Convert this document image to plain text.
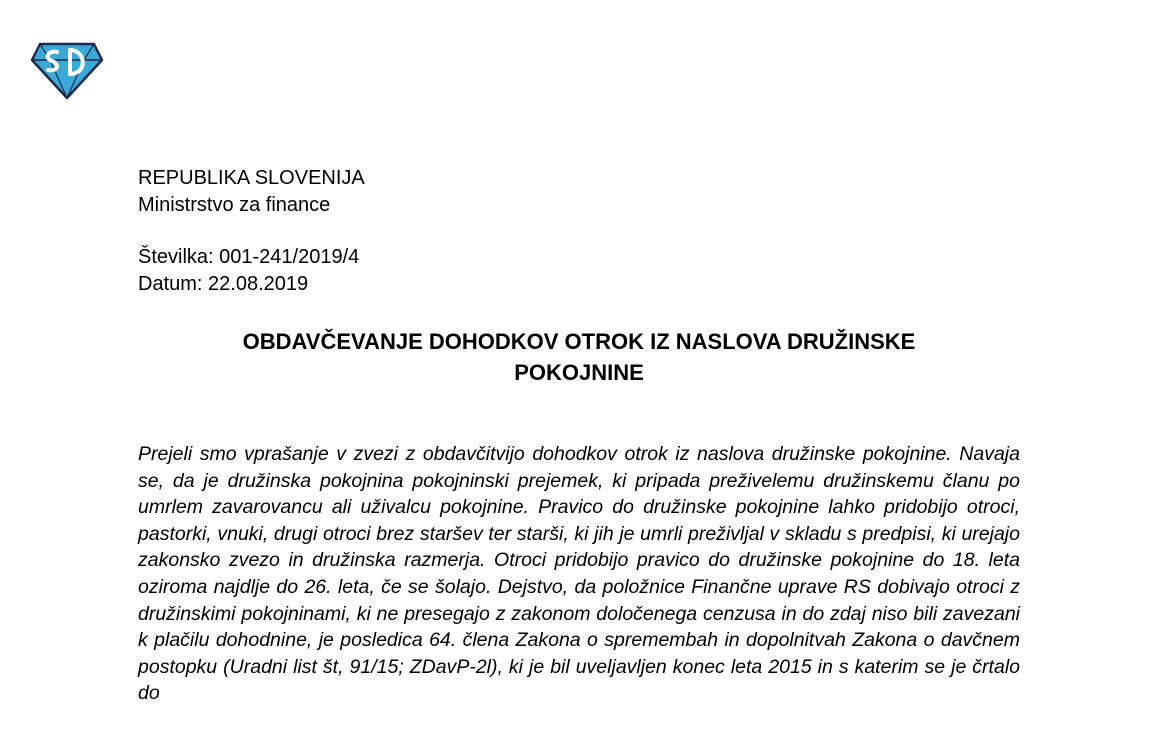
REPUBLIKA SLOVENIJA
Ministrstvo za finance
Številka: 001-241/2019/4
Datum: 22.08.2019
OBDAVČEVANJE DOHODKOV OTROK IZ NASLOVA DRUŽINSKE
POKOJNINE
Prejeli smo vprašanje v zvezi z obdavčitvijo dohodkov otrok iz naslova družinske pokojnine. Navaja se, da je družinska pokojnina pokojninski prejemek, ki pripada preživelemu družinskemu članu po umrlem zavarovancu ali uživalcu pokojnine. Pravico do družinske pokojnine lahko pridobijo otroci, pastorki, vnuki, drugi otroci brez staršev ter starši, ki jih je umrli preživljal v skladu s predpisi, ki urejajo zakonsko zvezo in družinska razmerja. Otroci pridobijo pravico do družinske pokojnine do 18. leta oziroma najdlje do 26. leta, če se šolajo. Dejstvo, da položnice Finančne uprave RS dobivajo otroci z družinskimi pokojninami, ki ne presegajo z zakonom določenega cenzusa in do zdaj niso bili zavezani k plačilu dohodnine, je posledica 64. člena Zakona o spremembah in dopolnitvah Zakona o davčnem postopku (Uradni list št, 91/15; ZDavP-2l), ki je bil uveljavljen konec leta 2015 in s katerim se je črtalo do
